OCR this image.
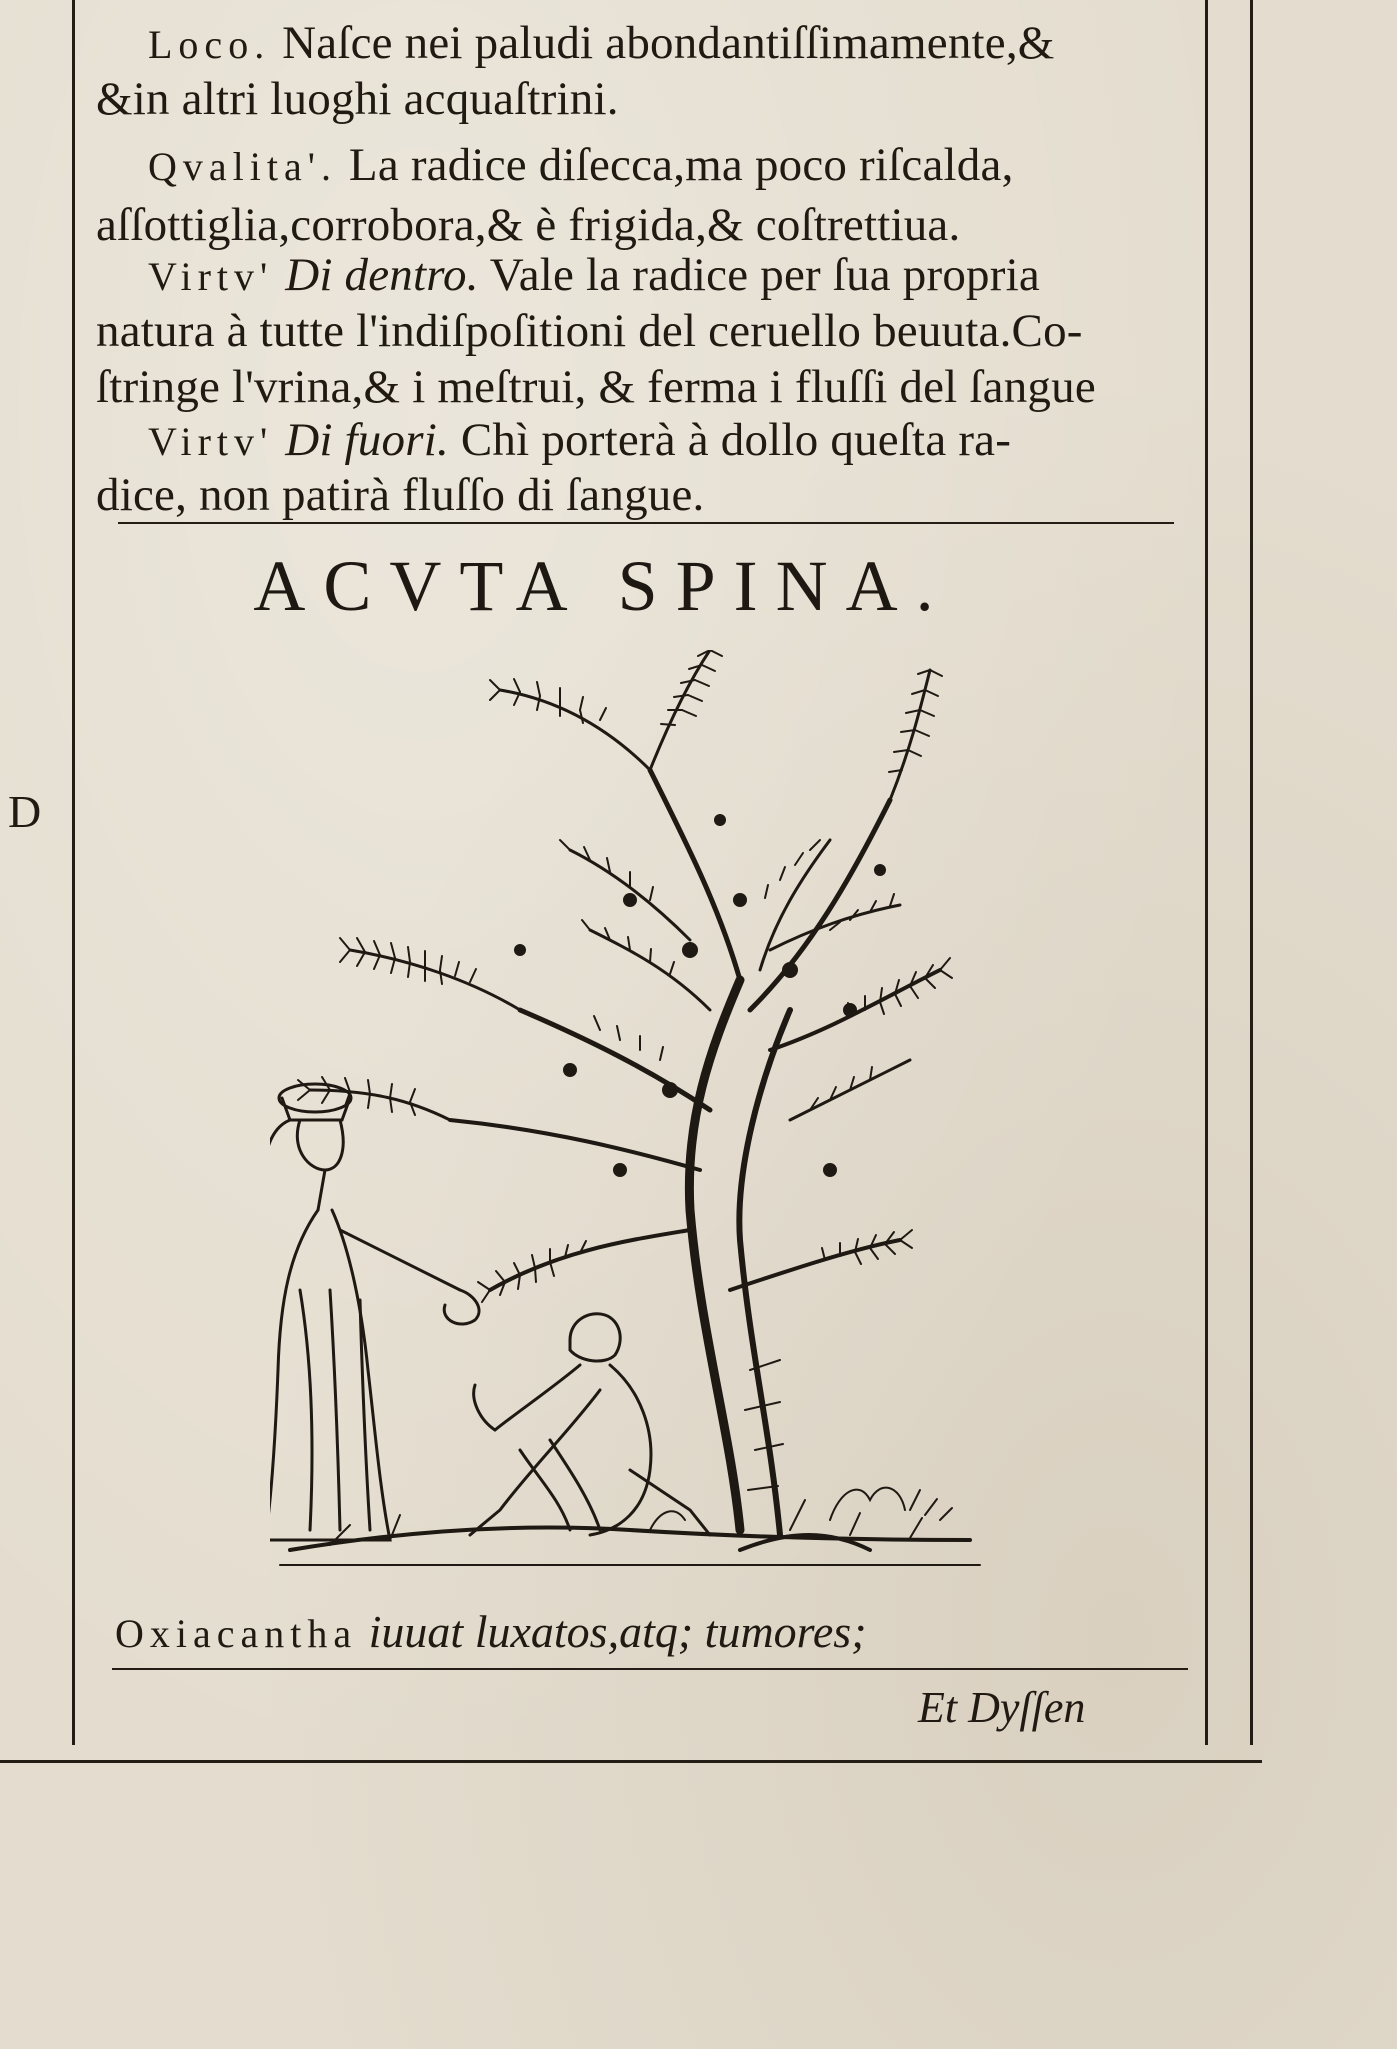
D
Loco. Naſce nei paludi abondantiſſimamente,&
&in altri luoghi acquaſtrini.
Qvalita'. La radice diſecca,ma poco riſcalda,
aſſottiglia,corrobora,& è frigida,& coſtrettiua.
Virtv' Di dentro. Vale la radice per ſua propria
natura à tutte l'indiſpoſitioni del ceruello beuuta.Co-
ſtringe l'vrina,& i meſtrui, & ferma i fluſſi del ſangue
Virtv' Di fuori. Chì porterà à dollo queſta ra-
dice, non patirà fluſſo di ſangue.
ACVTA SPINA.
Oxiacantha iuuat luxatos,atq; tumores;
Et Dyſſen
